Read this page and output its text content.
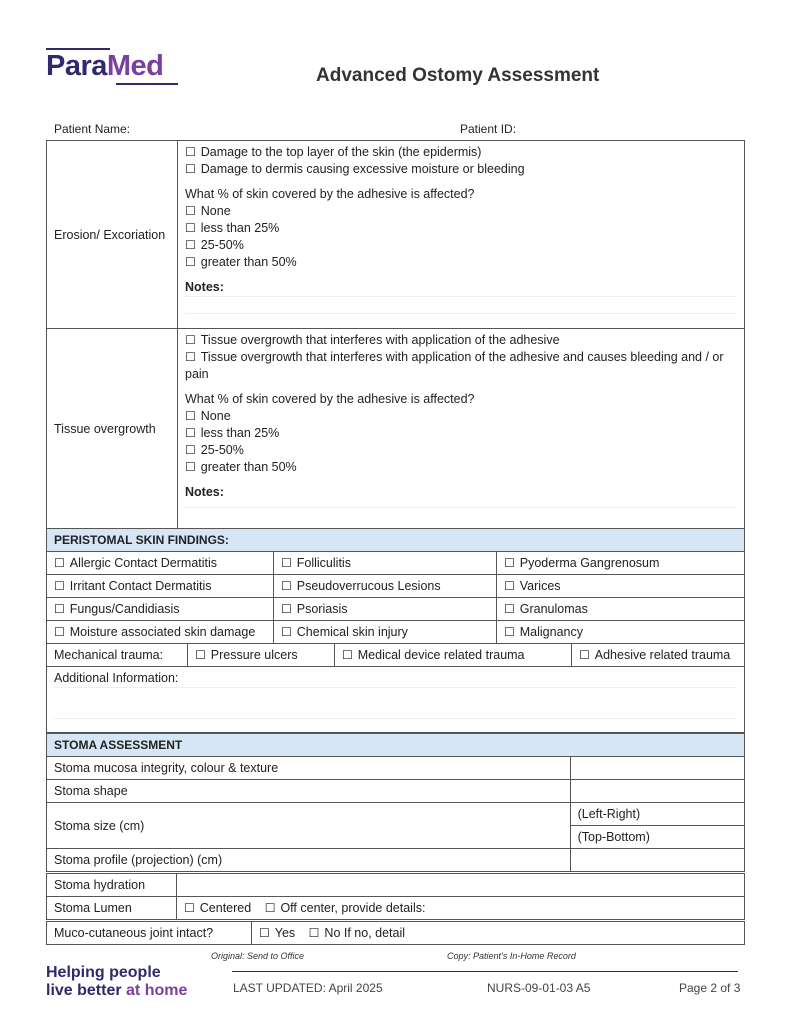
ParaMed	Advanced Ostomy Assessment
Patient Name:	Patient ID:
Erosion/ Excoriation	
☐ Damage to the top layer of the skin (the epidermis)
☐ Damage to dermis causing excessive moisture or bleeding
What % of skin covered by the adhesive is affected?
☐ None
☐ less than 25%
☐ 25-50%
☐ greater than 50%
Notes:

Tissue overgrowth	
☐ Tissue overgrowth that interferes with application of the adhesive
☐ Tissue overgrowth that interferes with application of the adhesive and causes bleeding and / or pain
What % of skin covered by the adhesive is affected?
☐ None
☐ less than 25%
☐ 25-50%
☐ greater than 50%
Notes:
PERISTOMAL SKIN FINDINGS:		
☐ Allergic Contact Dermatitis	☐ Folliculitis	☐ Pyoderma Gangrenosum
☐ Irritant Contact Dermatitis	☐ Pseudoverrucous Lesions	☐ Varices
☐ Fungus/Candidiasis	☐ Psoriasis	☐ Granulomas
☐ Moisture associated skin damage	☐ Chemical skin injury	☐ Malignancy
Mechanical trauma:	☐Pressure ulcers	☐Medical device related trauma	☐Adhesive related trauma

Additional Information:
STOMA ASSESSMENT	
Stoma mucosa integrity, colour & texture	
Stoma shape	
Stoma size (cm)	(Left-Right)
	(Top-Bottom)
Stoma profile (projection) (cm)	
Stoma hydration	
Stoma Lumen	☐ Centered ☐ Off center, provide details:
Muco-cutaneous joint intact?	☐Yes ☐ No If no, detail
Original: Send to Office	Copy: Patient’s In-Home Record
Helping people
live better at home	LAST UPDATED: April 2025	NURS-09-01-03 A5	Page 2 of 3
